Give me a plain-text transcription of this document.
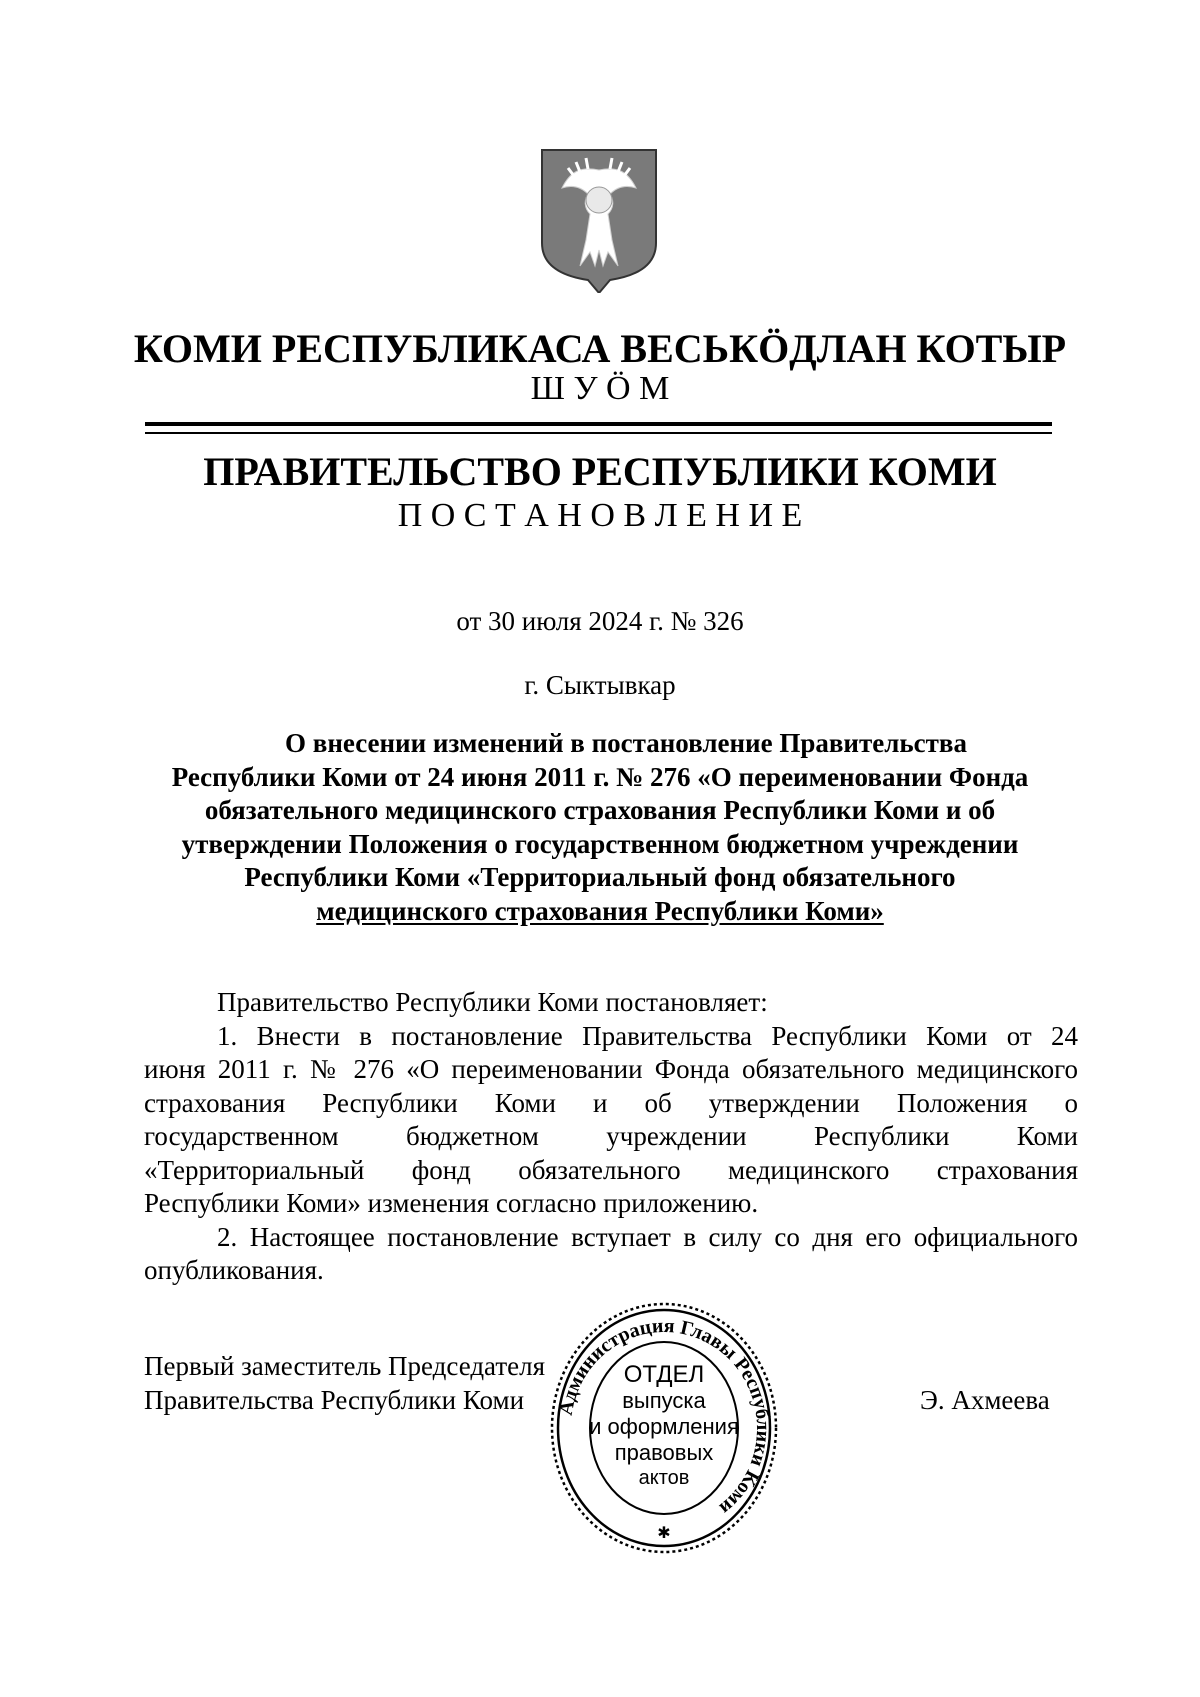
КОМИ РЕСПУБЛИКАСА ВЕСЬКÖДЛАН КОТЫР

Ш У Ö М

ПРАВИТЕЛЬСТВО РЕСПУБЛИКИ КОМИ

П О С Т А Н О В Л Е Н И Е

от 30 июля 2024 г. № 326

г. Сыктывкар

О внесении изменений в постановление Правительства
Республики Коми от 24 июня 2011 г. № 276 «О переименовании Фонда
обязательного медицинского страхования Республики Коми и об
утверждении Положения о государственном бюджетном учреждении
Республики Коми «Территориальный фонд обязательного
медицинского страхования Республики Коми»

Правительство Республики Коми постановляет:

1. Внести в постановление Правительства Республики Коми от 24
июня 2011 г. № 276 «О переименовании Фонда обязательного медицинского
страхования Республики Коми и об утверждении Положения о
государственном бюджетном учреждении Республики Коми
«Территориальный фонд обязательного медицинского страхования
Республики Коми» изменения согласно приложению.
2. Настоящее постановление вступает в силу со дня его официального
опубликования.
Первый заместитель Председателя
Правительства Республики Коми	Э. Ахмеева
Администрация Главы Республики Коми
ОТДЕЛ
выпуска
и оформления
правовых
актов
✱
